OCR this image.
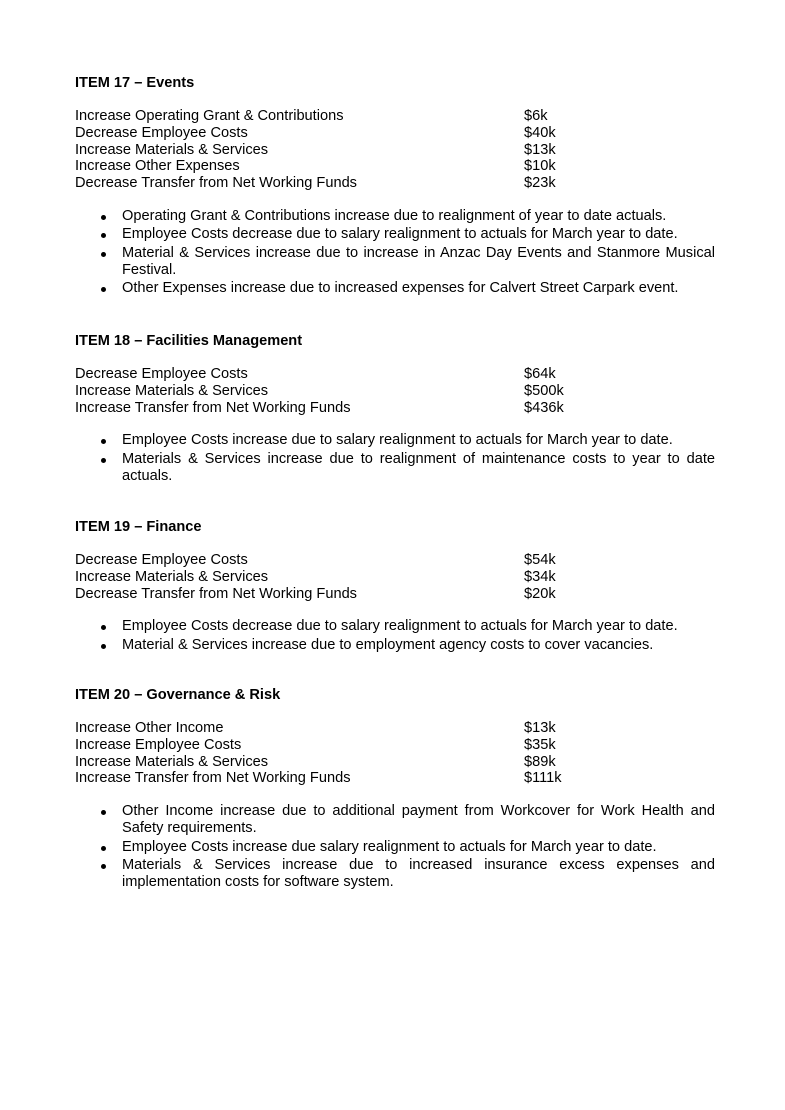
ITEM 17 – Events
Increase Operating Grant & Contributions	$6k
Decrease Employee Costs	$40k
Increase Materials & Services	$13k
Increase Other Expenses	$10k
Decrease Transfer from Net Working Funds	$23k
Operating Grant & Contributions increase due to realignment of year to date actuals.
Employee Costs decrease due to salary realignment to actuals for March year to date.
Material & Services increase due to increase in Anzac Day Events and Stanmore Musical Festival.
Other Expenses increase due to increased expenses for Calvert Street Carpark event.
ITEM 18 – Facilities Management
Decrease Employee Costs	$64k
Increase Materials & Services	$500k
Increase Transfer from Net Working Funds	$436k
Employee Costs increase due to salary realignment to actuals for March year to date.
Materials & Services increase due to realignment of maintenance costs to year to date actuals.
ITEM 19 – Finance
Decrease Employee Costs	$54k
Increase Materials & Services	$34k
Decrease Transfer from Net Working Funds	$20k
Employee Costs decrease due to salary realignment to actuals for March year to date.
Material & Services increase due to employment agency costs to cover vacancies.
ITEM 20 – Governance & Risk
Increase Other Income	$13k
Increase Employee Costs	$35k
Increase Materials & Services	$89k
Increase Transfer from Net Working Funds	$111k
Other Income increase due to additional payment from Workcover for Work Health and Safety requirements.
Employee Costs increase due salary realignment to actuals for March year to date.
Materials & Services increase due to increased insurance excess expenses and implementation costs for software system.
